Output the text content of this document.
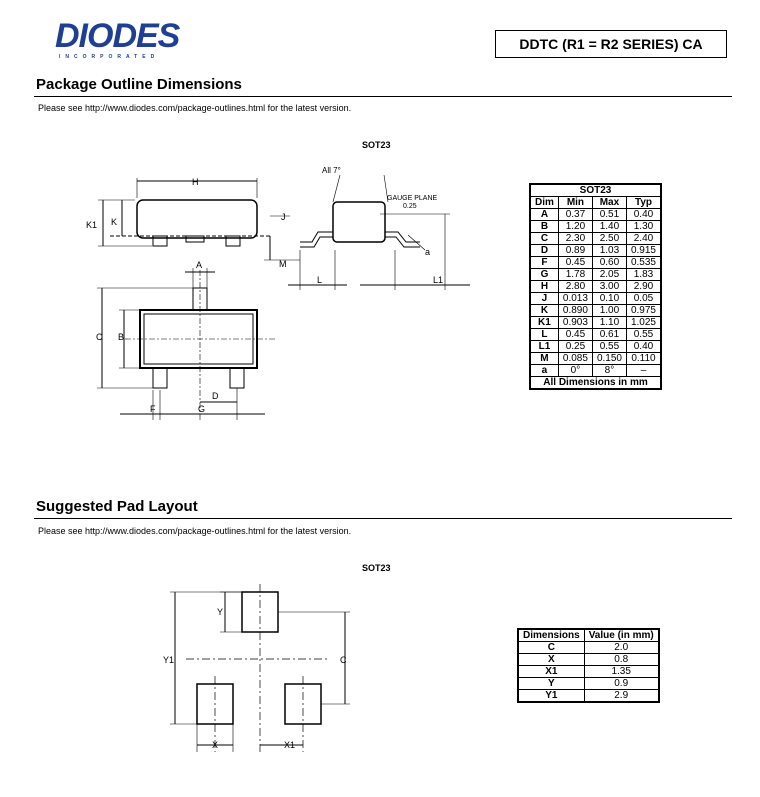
DIODES
INCORPORATED
DDTC (R1 = R2 SERIES) CA
Package Outline Dimensions
Please see http://www.diodes.com/package-outlines.html for the latest version.
SOT23
H
K1 K	J
M
All 7°
GAUGE PLANE
0.25
a
L	L1
A
C B
D
F	G
SOT23			
Dim	Min	Max	Typ
A	0.37	0.51	0.40
B	1.20	1.40	1.30
C	2.30	2.50	2.40
D	0.89	1.03	0.915
F	0.45	0.60	0.535
G	1.78	2.05	1.83
H	2.80	3.00	2.90
J	0.013	0.10	0.05
K	0.890	1.00	0.975
K1	0.903	1.10	1.025
L	0.45	0.61	0.55
L1	0.25	0.55	0.40
M	0.085	0.150	0.110
a	0°	8°	–
All Dimensions in mm			
Suggested Pad Layout
Please see http://www.diodes.com/package-outlines.html for the latest version.
SOT23
Y
Y1	C
X	X1
Dimensions	Value (in mm)
C	2.0
X	0.8
X1	1.35
Y	0.9
Y1	2.9
